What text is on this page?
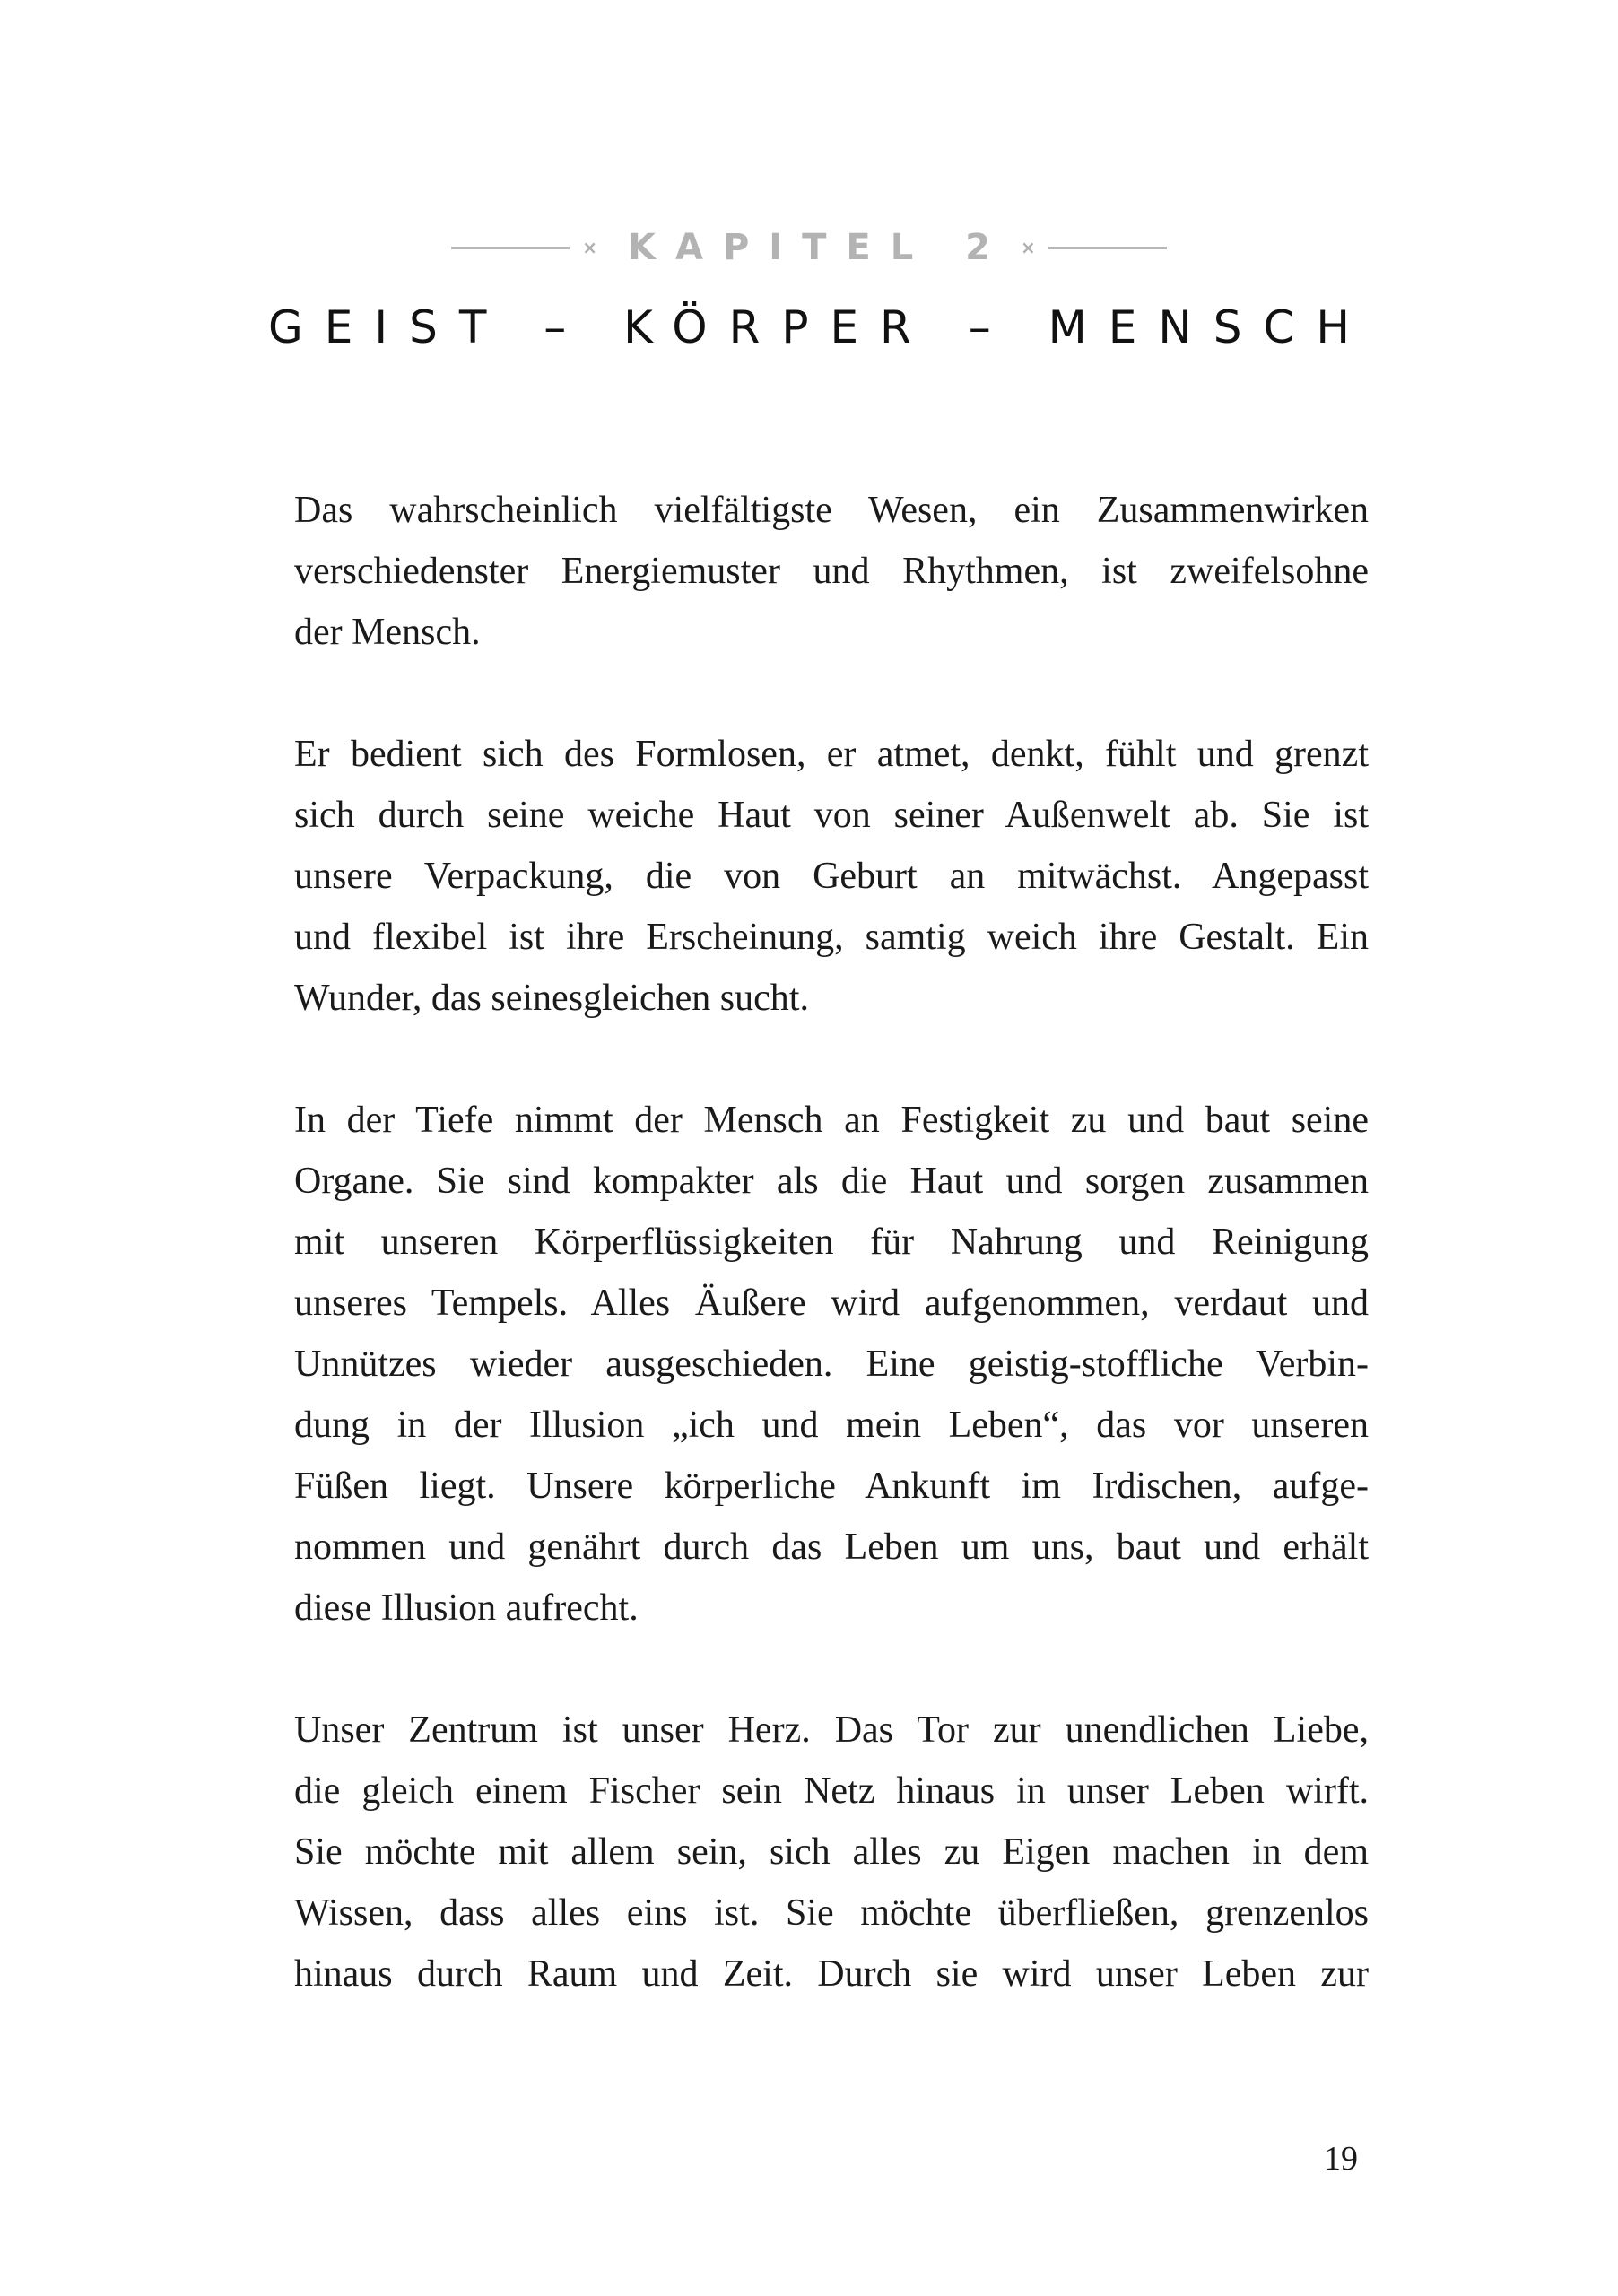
× KAPITEL 2 ×
GEIST – KÖRPER – MENSCH

Das wahrscheinlich vielfältigste Wesen, ein Zusammenwirken
verschiedenster Energiemuster und Rhythmen, ist zweifelsohne
der Mensch.

Er bedient sich des Formlosen, er atmet, denkt, fühlt und grenzt
sich durch seine weiche Haut von seiner Außenwelt ab. Sie ist
unsere Verpackung, die von Geburt an mitwächst. Angepasst
und flexibel ist ihre Erscheinung, samtig weich ihre Gestalt. Ein
Wunder, das seinesgleichen sucht.

In der Tiefe nimmt der Mensch an Festigkeit zu und baut seine
Organe. Sie sind kompakter als die Haut und sorgen zusammen
mit unseren Körperflüssigkeiten für Nahrung und Reinigung
unseres Tempels. Alles Äußere wird aufgenommen, verdaut und
Unnützes wieder ausgeschieden. Eine geistig-stoffliche Verbin-
dung in der Illusion „ich und mein Leben“, das vor unseren
Füßen liegt. Unsere körperliche Ankunft im Irdischen, aufge-
nommen und genährt durch das Leben um uns, baut und erhält
diese Illusion aufrecht.

Unser Zentrum ist unser Herz. Das Tor zur unendlichen Liebe,
die gleich einem Fischer sein Netz hinaus in unser Leben wirft.
Sie möchte mit allem sein, sich alles zu Eigen machen in dem
Wissen, dass alles eins ist. Sie möchte überfließen, grenzenlos
hinaus durch Raum und Zeit. Durch sie wird unser Leben zur

19
